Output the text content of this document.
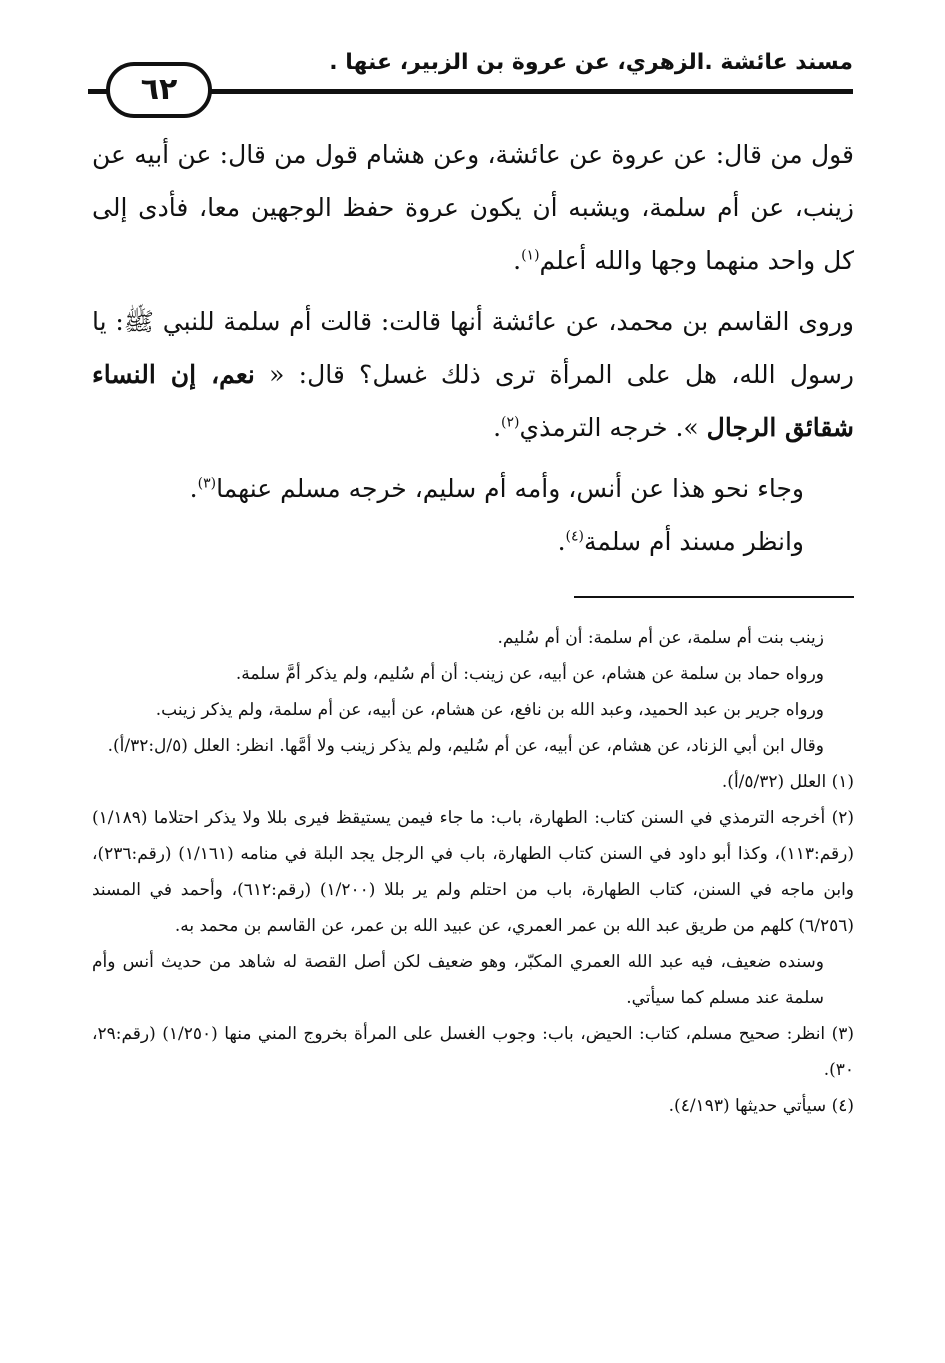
مسند عائشة .الزهري، عن عروة بن الزبير، عنها .
٦٢

قول من قال: عن عروة عن عائشة، وعن هشام قول من قال: عن أبيه عن زينب، عن أم سلمة، ويشبه أن يكون عروة حفظ الوجهين معا، فأدى إلى كل واحد منهما وجها والله أعلم$^{(١)}$.

وروى القاسم بن محمد، عن عائشة أنها قالت: قالت أم سلمة للنبي ﷺ: يا رسول الله، هل على المرأة ترى ذلك غسل؟ قال: « نعم، إن النساء شقائق الرجال ». خرجه الترمذي$^{(٢)}$.

وجاء نحو هذا عن أنس، وأمه أم سليم، خرجه مسلم عنهما$^{(٣)}$.

وانظر مسند أم سلمة$^{(٤)}$.

زينب بنت أم سلمة، عن أم سلمة: أن أم سُليم.

ورواه حماد بن سلمة عن هشام، عن أبيه، عن زينب: أن أم سُليم، ولم يذكر أمَّ سلمة.

ورواه جرير بن عبد الحميد، وعبد الله بن نافع، عن هشام، عن أبيه، عن أم سلمة، ولم يذكر زينب.

وقال ابن أبي الزناد، عن هشام، عن أبيه، عن أم سُليم، ولم يذكر زينب ولا أمَّها. انظر: العلل (٥/ل:٣٢/أ).

(١) العلل (٥/٣٢/أ).

(٢) أخرجه الترمذي في السنن كتاب: الطهارة، باب: ما جاء فيمن يستيقظ فيرى بللا ولا يذكر احتلاما (١/١٨٩) (رقم:١١٣)، وكذا أبو داود في السنن كتاب الطهارة، باب في الرجل يجد البلة في منامه (١/١٦١) (رقم:٢٣٦)، وابن ماجه في السنن، كتاب الطهارة، باب من احتلم ولم ير بللا (١/٢٠٠) (رقم:٦١٢)، وأحمد في المسند (٦/٢٥٦) كلهم من طريق عبد الله بن عمر العمري، عن عبيد الله بن عمر، عن القاسم بن محمد به.

وسنده ضعيف، فيه عبد الله العمري المكبّر، وهو ضعيف لكن أصل القصة له شاهد من حديث أنس وأم سلمة عند مسلم كما سيأتي.

(٣) انظر: صحيح مسلم، كتاب: الحيض، باب: وجوب الغسل على المرأة بخروج المني منها (١/٢٥٠) (رقم:٢٩، ٣٠).

(٤) سيأتي حديثها (٤/١٩٣).
